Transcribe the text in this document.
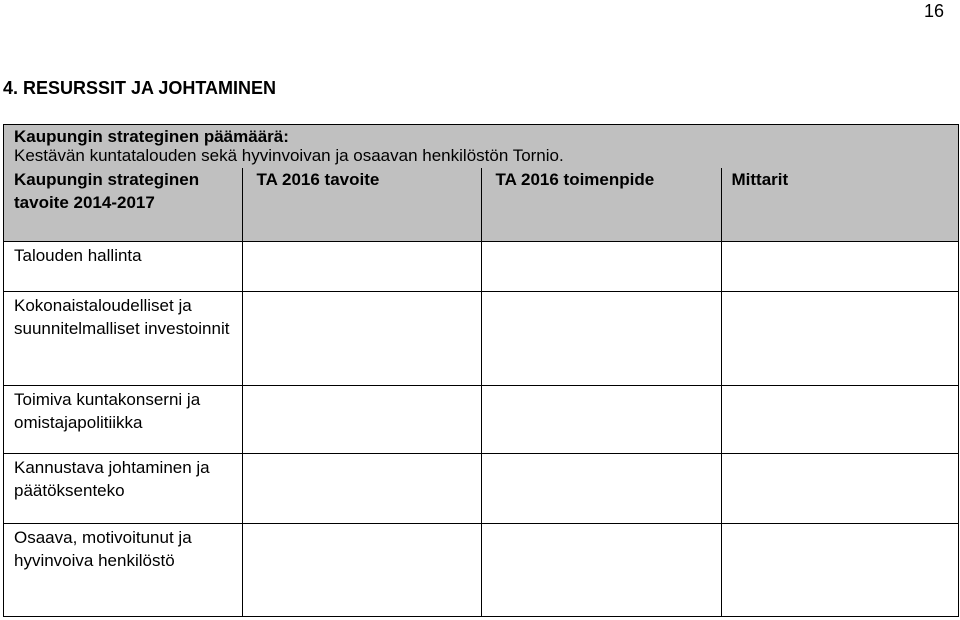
16
4. RESURSSIT JA JOHTAMINEN
Kaupungin strateginen päämäärä:
Kestävän kuntatalouden sekä hyvinvoivan ja osaavan henkilöstön Tornio.
Kaupungin strateginen tavoite 2014-2017	TA 2016 tavoite	TA 2016 toimenpide	Mittarit
Talouden hallinta			
Kokonaistaloudelliset ja suunnitelmalliset investoinnit			
Toimiva kuntakonserni ja omistajapolitiikka			
Kannustava johtaminen ja päätöksenteko			
Osaava, motivoitunut ja hyvinvoiva henkilöstö			
